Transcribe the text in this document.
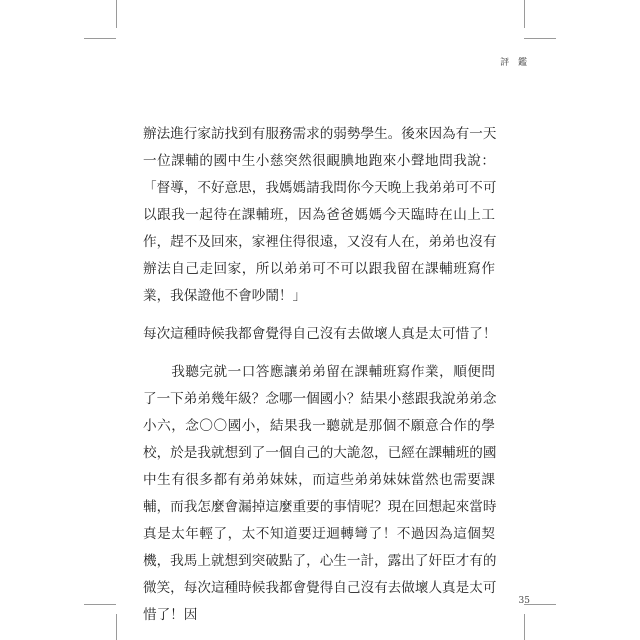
評 鑑
辦法進行家訪找到有服務需求的弱勢學生。後來因為有一天
一位課輔的國中生小慈突然很靦腆地跑來小聲地問我說：
「督導，不好意思，我媽媽請我問你今天晚上我弟弟可不可
以跟我一起待在課輔班，因為爸爸媽媽今天臨時在山上工
作，趕不及回來，家裡住得很遠，又沒有人在，弟弟也沒有
辦法自己走回家，所以弟弟可不可以跟我留在課輔班寫作
業，我保證他不會吵鬧！」
每次這種時候我都會覺得自己沒有去做壞人真是太可惜了！
　　我聽完就一口答應讓弟弟留在課輔班寫作業，順便問
了一下弟弟幾年級？念哪一個國小？結果小慈跟我說弟弟念
小六，念〇〇國小，結果我一聽就是那個不願意合作的學
校，於是我就想到了一個自己的大詭忽，已經在課輔班的國
中生有很多都有弟弟妹妹，而這些弟弟妹妹當然也需要課
輔，而我怎麼會漏掉這麼重要的事情呢？現在回想起來當時
真是太年輕了，太不知道要迂迴轉彎了！不過因為這個契
機，我馬上就想到突破點了，心生一計，露出了奸臣才有的
微笑，每次這種時候我都會覺得自己沒有去做壞人真是太可
惜了！因
35
